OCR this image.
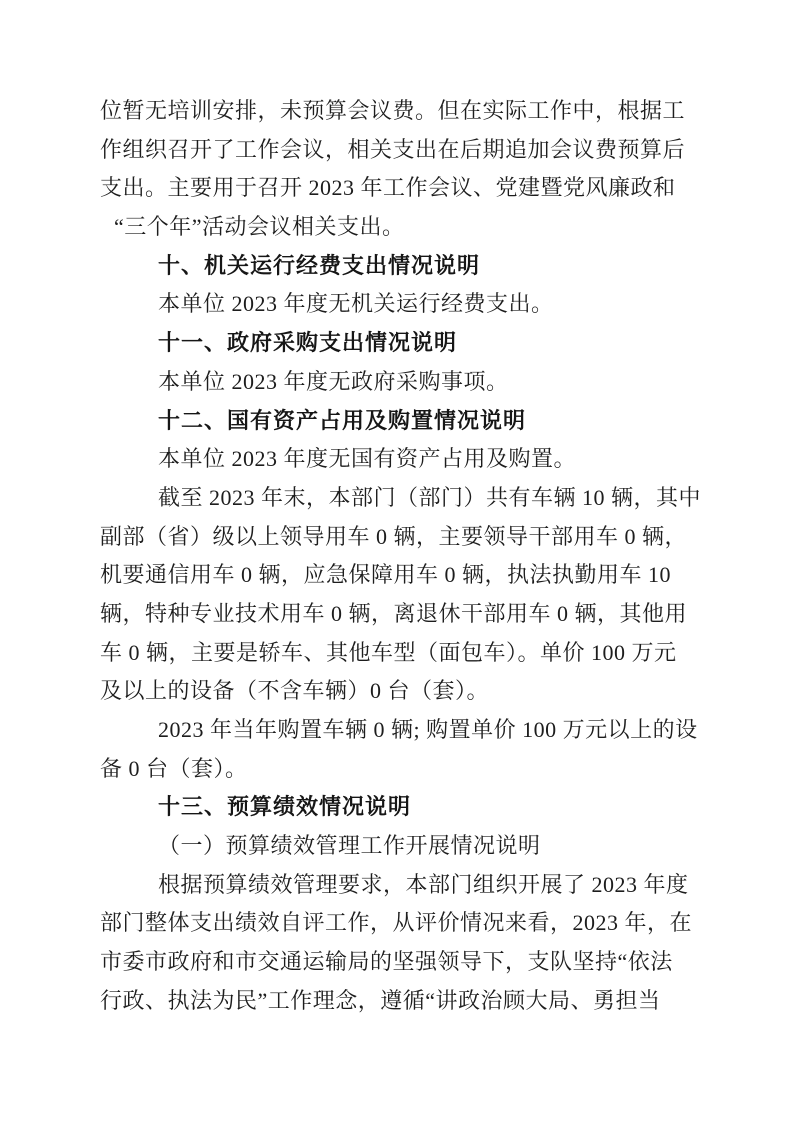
位暂无培训安排，未预算会议费。但在实际工作中，根据工
作组织召开了工作会议，相关支出在后期追加会议费预算后
支出。主要用于召开 2023 年工作会议、党建暨党风廉政和
“三个年”活动会议相关支出。
十、机关运行经费支出情况说明
本单位 2023 年度无机关运行经费支出。
十一、政府采购支出情况说明
本单位 2023 年度无政府采购事项。
十二、国有资产占用及购置情况说明
本单位 2023 年度无国有资产占用及购置。
截至 2023 年末，本部门（部门）共有车辆 10 辆，其中
副部（省）级以上领导用车 0 辆，主要领导干部用车 0 辆，
机要通信用车 0 辆，应急保障用车 0 辆，执法执勤用车 10
辆，特种专业技术用车 0 辆，离退休干部用车 0 辆，其他用
车 0 辆，主要是轿车、其他车型（面包车）。单价 100 万元
及以上的设备（不含车辆）0 台（套）。
2023 年当年购置车辆 0 辆; 购置单价 100 万元以上的设
备 0 台（套）。
十三、预算绩效情况说明
（一）预算绩效管理工作开展情况说明
根据预算绩效管理要求，本部门组织开展了 2023 年度
部门整体支出绩效自评工作，从评价情况来看，2023 年，在
市委市政府和市交通运输局的坚强领导下，支队坚持“依法
行政、执法为民”工作理念，遵循“讲政治顾大局、勇担当
